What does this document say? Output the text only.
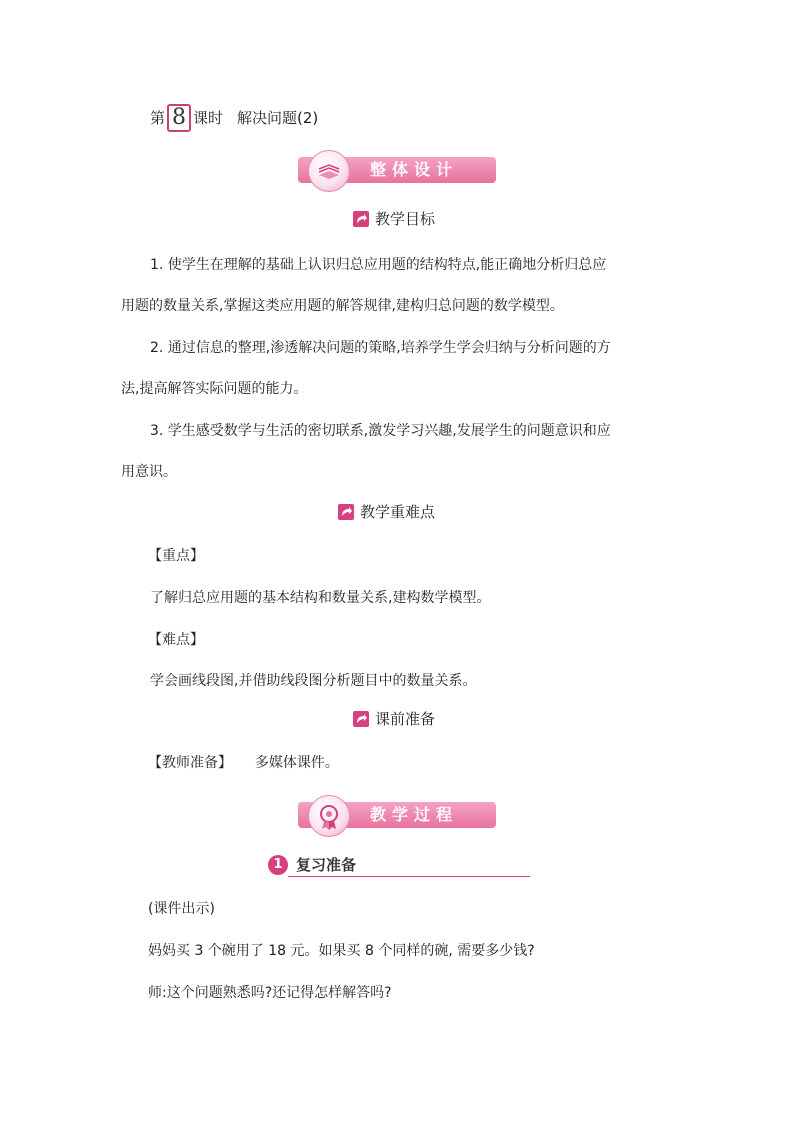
第 8 课时 解决问题(2)
整体设计
教学目标
1. 使学生在理解的基础上认识归总应用题的结构特点,能正确地分析归总应
用题的数量关系,掌握这类应用题的解答规律,建构归总问题的数学模型。
2. 通过信息的整理,渗透解决问题的策略,培养学生学会归纳与分析问题的方
法,提高解答实际问题的能力。
3. 学生感受数学与生活的密切联系,激发学习兴趣,发展学生的问题意识和应
用意识。
教学重难点
【重点】
了解归总应用题的基本结构和数量关系,建构数学模型。
【难点】
学会画线段图,并借助线段图分析题目中的数量关系。
课前准备
【教师准备】 多媒体课件。
教学过程
1 复习准备
(课件出示)
妈妈买 3 个碗用了 18 元。如果买 8 个同样的碗, 需要多少钱?
师:这个问题熟悉吗?还记得怎样解答吗?
